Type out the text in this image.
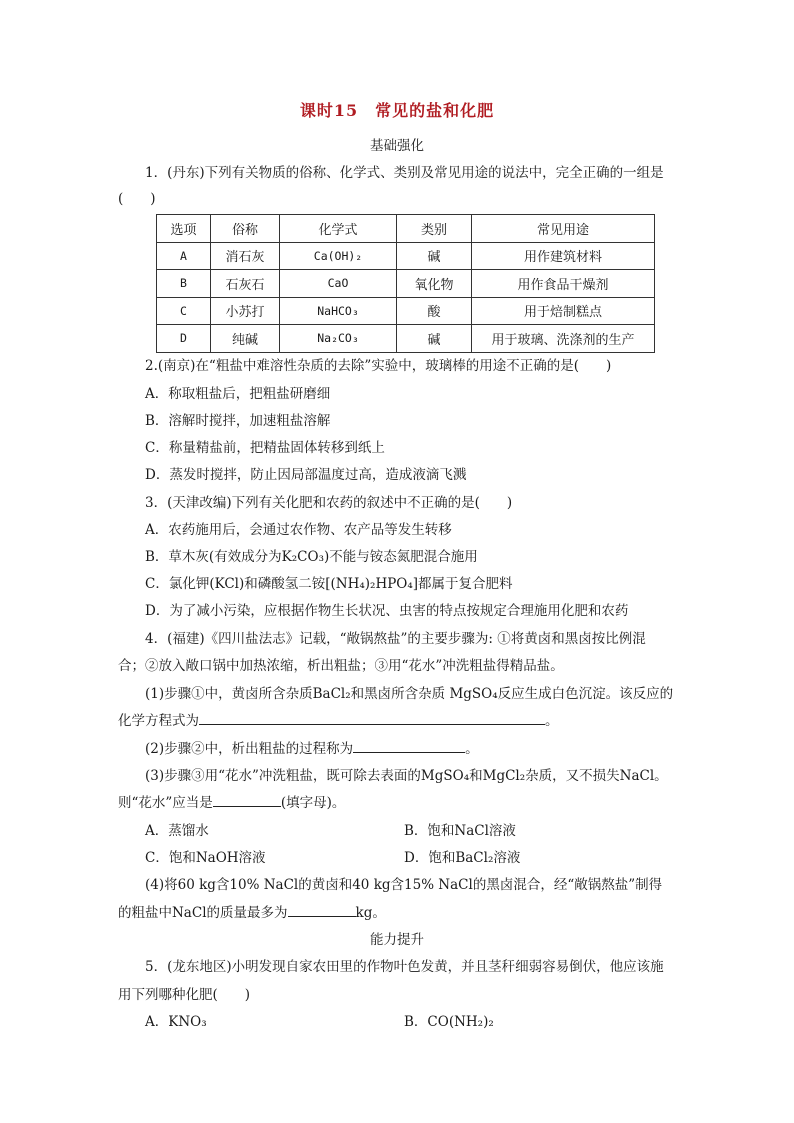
课时15　常见的盐和化肥
基础强化
1．(丹东)下列有关物质的俗称、化学式、类别及常见用途的说法中，完全正确的一组是
(　　)
选项	俗称	化学式	类别	常见用途
A	消石灰	Ca(OH)₂	碱	用作建筑材料
B	石灰石	CaO	氧化物	用作食品干燥剂
C	小苏打	NaHCO₃	酸	用于焙制糕点
D	纯碱	Na₂CO₃	碱	用于玻璃、洗涤剂的生产
2.(南京)在“粗盐中难溶性杂质的去除”实验中，玻璃棒的用途不正确的是(　　)
A．称取粗盐后，把粗盐研磨细
B．溶解时搅拌，加速粗盐溶解
C．称量精盐前，把精盐固体转移到纸上
D．蒸发时搅拌，防止因局部温度过高，造成液滴飞溅
3．(天津改编)下列有关化肥和农药的叙述中不正确的是(　　)
A．农药施用后，会通过农作物、农产品等发生转移
B．草木灰(有效成分为K₂CO₃)不能与铵态氮肥混合施用
C．氯化钾(KCl)和磷酸氢二铵[(NH₄)₂HPO₄]都属于复合肥料
D．为了减小污染，应根据作物生长状况、虫害的特点按规定合理施用化肥和农药
4．(福建)《四川盐法志》记载，“敞锅熬盐”的主要步骤为: ①将黄卤和黑卤按比例混
合；②放入敞口锅中加热浓缩，析出粗盐；③用“花水”冲洗粗盐得精品盐。
(1)步骤①中，黄卤所含杂质BaCl₂和黑卤所含杂质 MgSO₄反应生成白色沉淀。该反应的
化学方程式为	。
(2)步骤②中，析出粗盐的过程称为	。
(3)步骤③用“花水”冲洗粗盐，既可除去表面的MgSO₄和MgCl₂杂质，又不损失NaCl。
则“花水”应当是	(填字母)。
A．蒸馏水	B．饱和NaCl溶液
C．饱和NaOH溶液	D．饱和BaCl₂溶液
(4)将60 kg含10% NaCl的黄卤和40 kg含15% NaCl的黑卤混合，经“敞锅熬盐”制得
的粗盐中NaCl的质量最多为	kg。
能力提升
5．(龙东地区)小明发现自家农田里的作物叶色发黄，并且茎秆细弱容易倒伏，他应该施
用下列哪种化肥(　　)
A．KNO₃	B．CO(NH₂)₂
